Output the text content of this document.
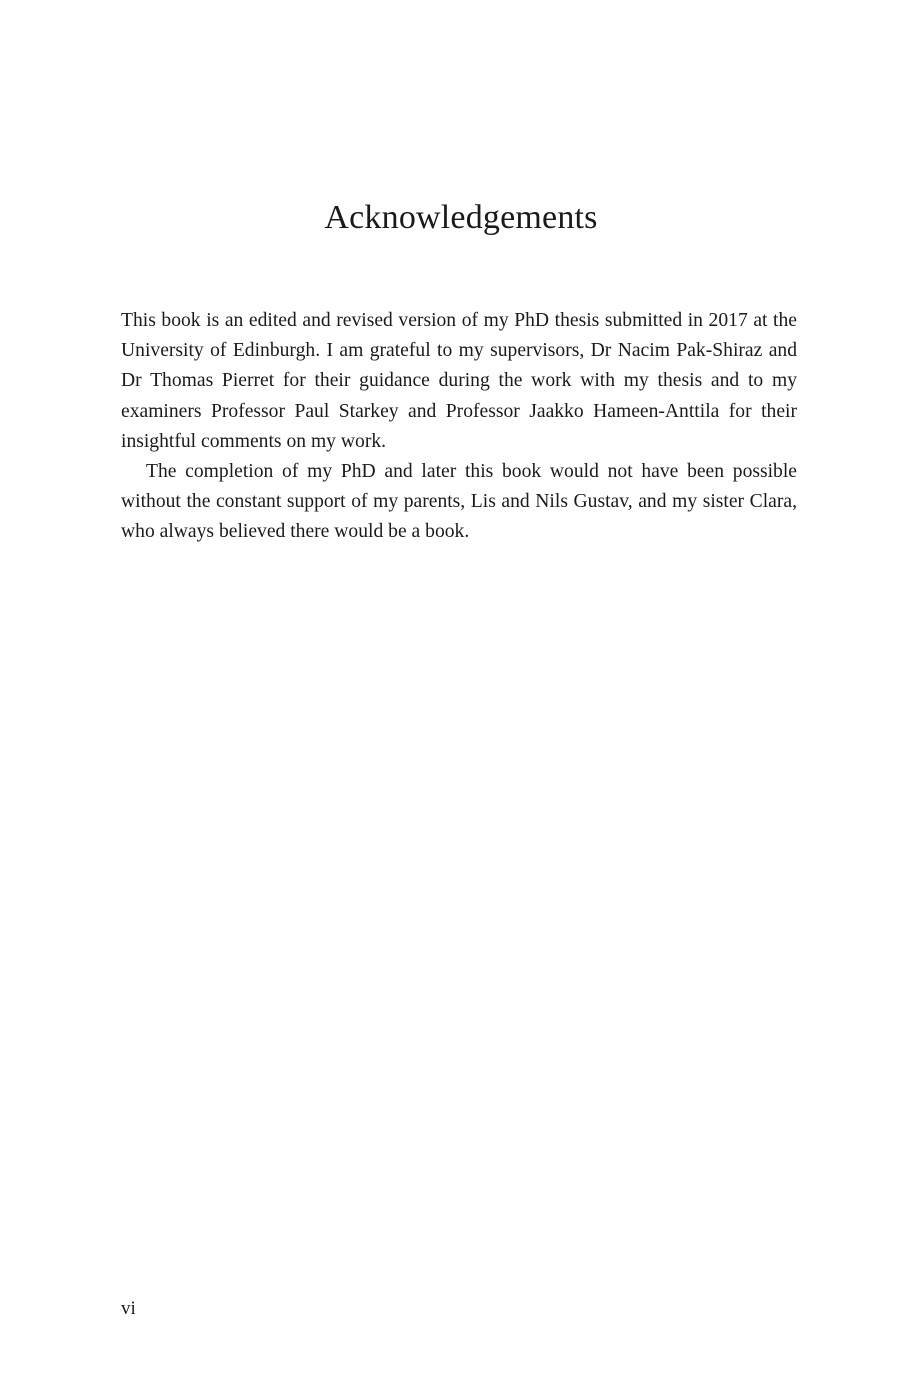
Acknowledgements

This book is an edited and revised version of my PhD thesis submitted in 2017 at the University of Edinburgh. I am grateful to my supervisors, Dr Nacim Pak-Shiraz and Dr Thomas Pierret for their guidance during the work with my thesis and to my examiners Professor Paul Starkey and Professor Jaakko Hameen-Anttila for their insightful comments on my work.

The completion of my PhD and later this book would not have been possible without the constant support of my parents, Lis and Nils Gustav, and my sister Clara, who always believed there would be a book.

vi
